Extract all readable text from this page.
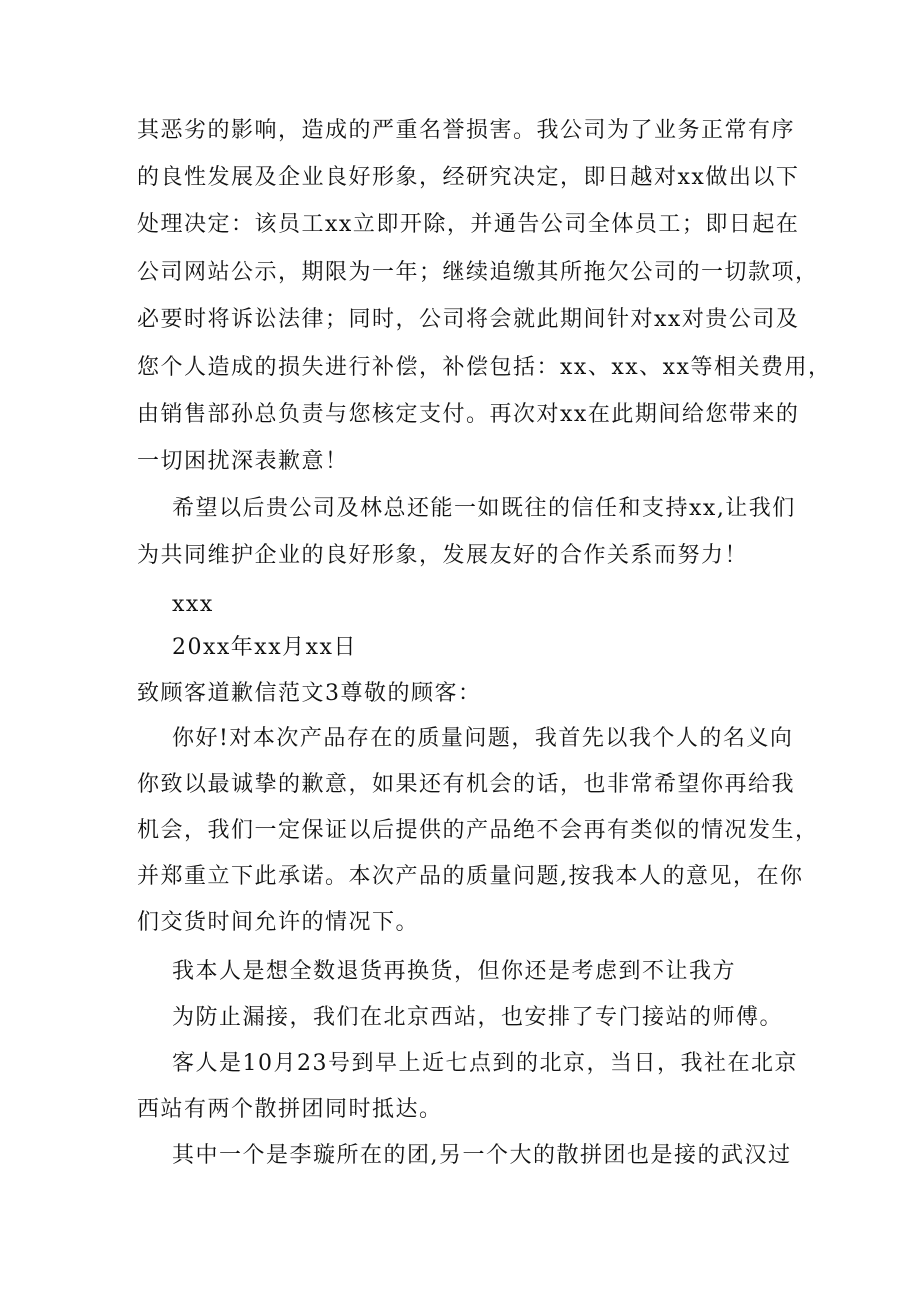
其恶劣的影响，造成的严重名誉损害。我公司为了业务正常有序
的良性发展及企业良好形象，经研究决定，即日越对xx做出以下
处理决定：该员工xx立即开除，并通告公司全体员工；即日起在
公司网站公示，期限为一年；继续追缴其所拖欠公司的一切款项，
必要时将诉讼法律；同时，公司将会就此期间针对xx对贵公司及
您个人造成的损失进行补偿，补偿包括：xx、xx、xx等相关费用，
由销售部孙总负责与您核定支付。再次对xx在此期间给您带来的
一切困扰深表歉意！
希望以后贵公司及林总还能一如既往的信任和支持xx,让我们
为共同维护企业的良好形象，发展友好的合作关系而努力！
xxx
20xx年xx月xx日
致顾客道歉信范文3尊敬的顾客：
你好!对本次产品存在的质量问题，我首先以我个人的名义向
你致以最诚挚的歉意，如果还有机会的话，也非常希望你再给我
机会，我们一定保证以后提供的产品绝不会再有类似的情况发生，
并郑重立下此承诺。本次产品的质量问题,按我本人的意见，在你
们交货时间允许的情况下。
我本人是想全数退货再换货，但你还是考虑到不让我方
为防止漏接，我们在北京西站，也安排了专门接站的师傅。
客人是10月23号到早上近七点到的北京，当日，我社在北京
西站有两个散拼团同时抵达。
其中一个是李璇所在的团,另一个大的散拼团也是接的武汉过
